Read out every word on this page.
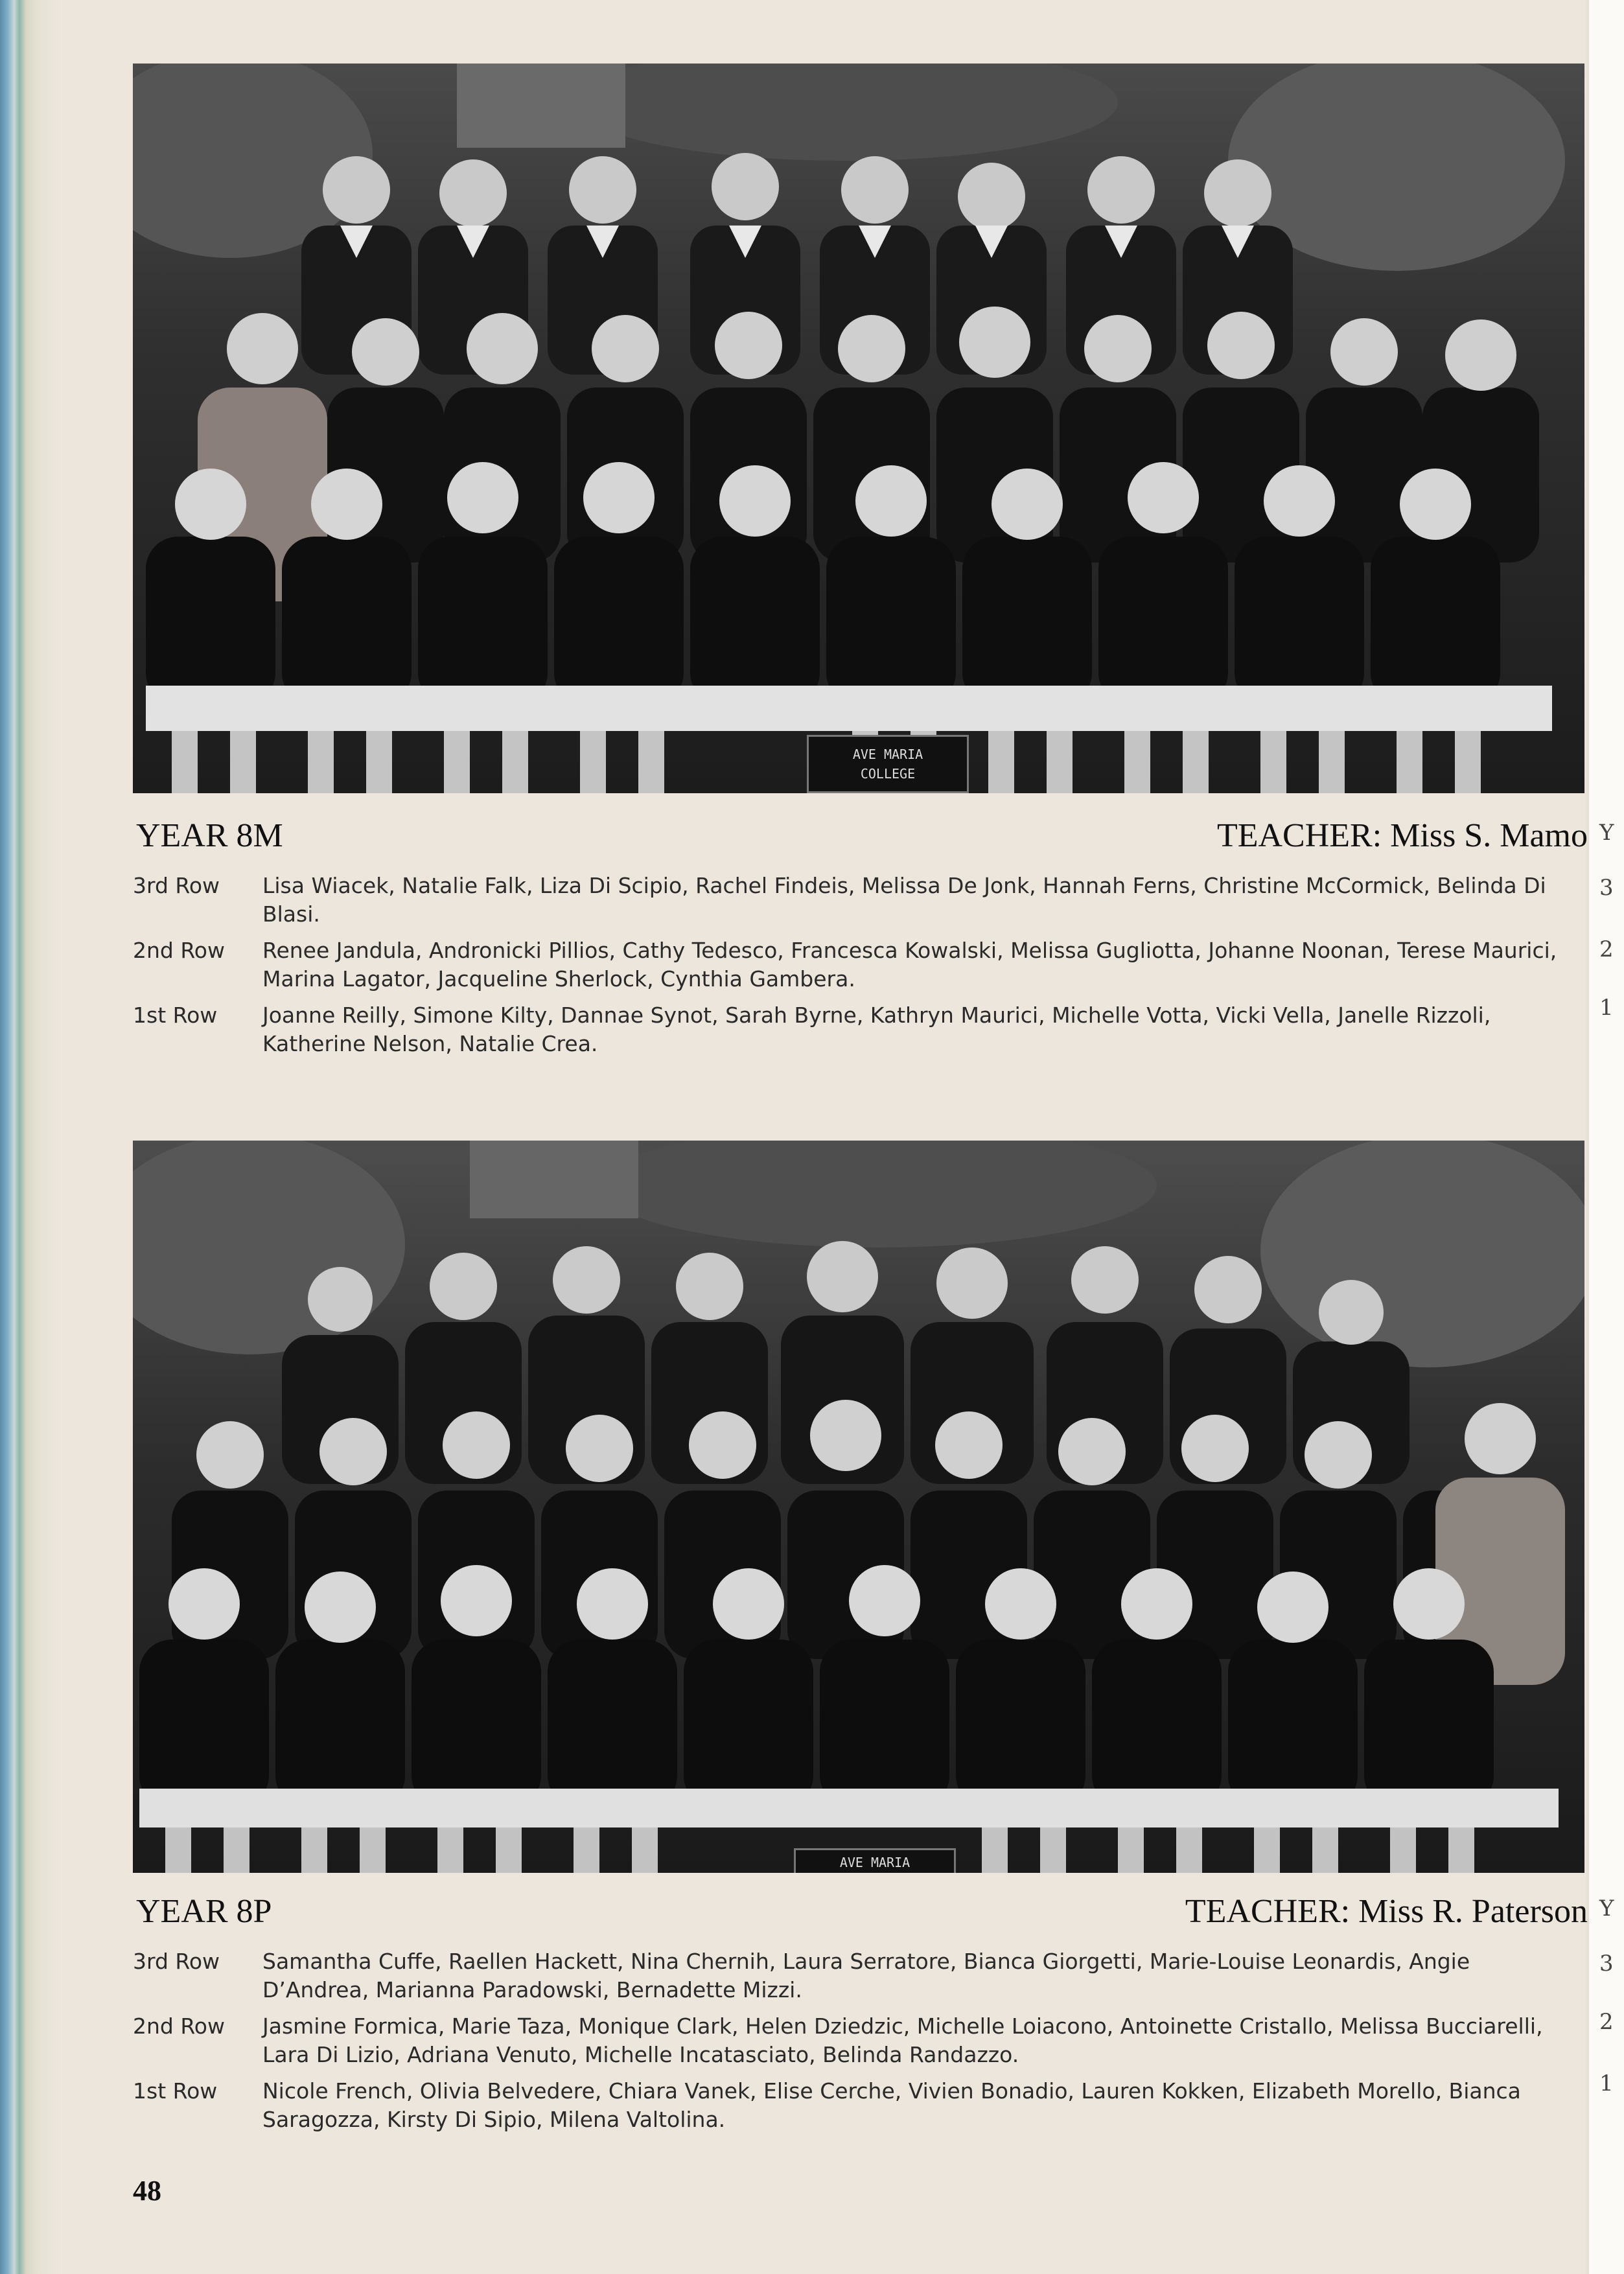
AVE MARIA
COLLEGE
YEAR 8M	TEACHER: Miss S. Mamo
3rd Row	Lisa Wiacek, Natalie Falk, Liza Di Scipio, Rachel Findeis, Melissa De Jonk, Hannah Ferns, Christine McCormick, Belinda Di Blasi.
2nd Row	Renee Jandula, Andronicki Pillios, Cathy Tedesco, Francesca Kowalski, Melissa Gugliotta, Johanne Noonan, Terese Maurici, Marina Lagator, Jacqueline Sherlock, Cynthia Gambera.
1st Row	Joanne Reilly, Simone Kilty, Dannae Synot, Sarah Byrne, Kathryn Maurici, Michelle Votta, Vicki Vella, Janelle Rizzoli, Katherine Nelson, Natalie Crea.
AVE MARIA
YEAR 8P	TEACHER: Miss R. Paterson
3rd Row	Samantha Cuffe, Raellen Hackett, Nina Chernih, Laura Serratore, Bianca Giorgetti, Marie-Louise Leonardis, Angie D’Andrea, Marianna Paradowski, Bernadette Mizzi.
2nd Row	Jasmine Formica, Marie Taza, Monique Clark, Helen Dziedzic, Michelle Loiacono, Antoinette Cristallo, Melissa Bucciarelli, Lara Di Lizio, Adriana Venuto, Michelle Incatasciato, Belinda Randazzo.
1st Row	Nicole French, Olivia Belvedere, Chiara Vanek, Elise Cerche, Vivien Bonadio, Lauren Kokken, Elizabeth Morello, Bianca Saragozza, Kirsty Di Sipio, Milena Valtolina.
48
Y
3
2
1
Y
3
2
1
